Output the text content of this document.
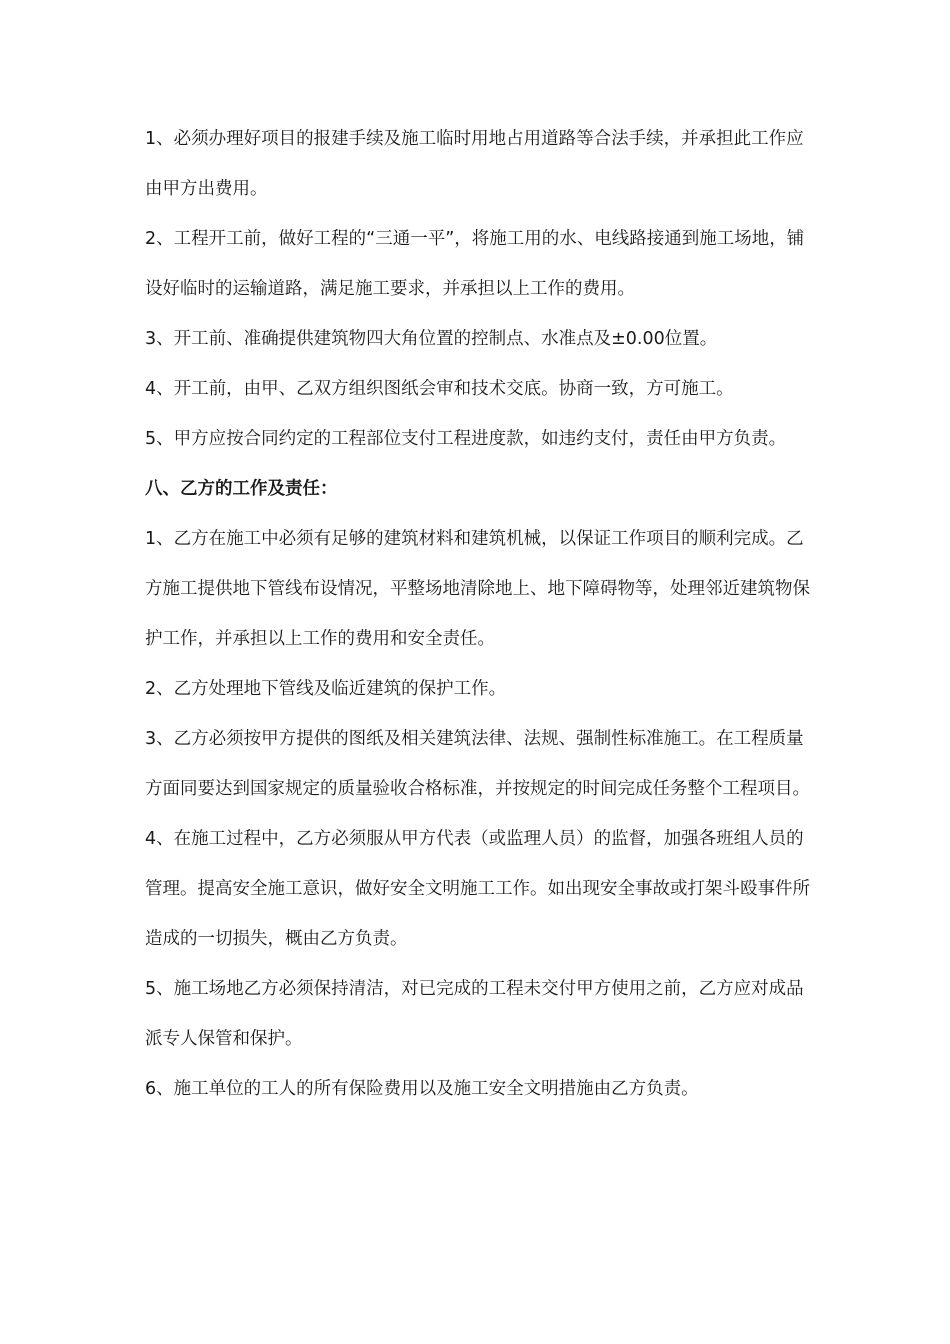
1、必须办理好项目的报建手续及施工临时用地占用道路等合法手续，并承担此工作应由甲方出费用。

2、工程开工前，做好工程的“三通一平”，将施工用的水、电线路接通到施工场地，铺设好临时的运输道路，满足施工要求，并承担以上工作的费用。

3、开工前、准确提供建筑物四大角位置的控制点、水准点及±0.00位置。

4、开工前，由甲、乙双方组织图纸会审和技术交底。协商一致，方可施工。

5、甲方应按合同约定的工程部位支付工程进度款，如违约支付，责任由甲方负责。

八、乙方的工作及责任：

1、乙方在施工中必须有足够的建筑材料和建筑机械，以保证工作项目的顺利完成。乙方施工提供地下管线布设情况，平整场地清除地上、地下障碍物等，处理邻近建筑物保护工作，并承担以上工作的费用和安全责任。

2、乙方处理地下管线及临近建筑的保护工作。

3、乙方必须按甲方提供的图纸及相关建筑法律、法规、强制性标准施工。在工程质量方面同要达到国家规定的质量验收合格标准，并按规定的时间完成任务整个工程项目。

4、在施工过程中，乙方必须服从甲方代表（或监理人员）的监督，加强各班组人员的管理。提高安全施工意识，做好安全文明施工工作。如出现安全事故或打架斗殴事件所造成的一切损失，概由乙方负责。

5、施工场地乙方必须保持清洁，对已完成的工程未交付甲方使用之前，乙方应对成品派专人保管和保护。

6、施工单位的工人的所有保险费用以及施工安全文明措施由乙方负责。
